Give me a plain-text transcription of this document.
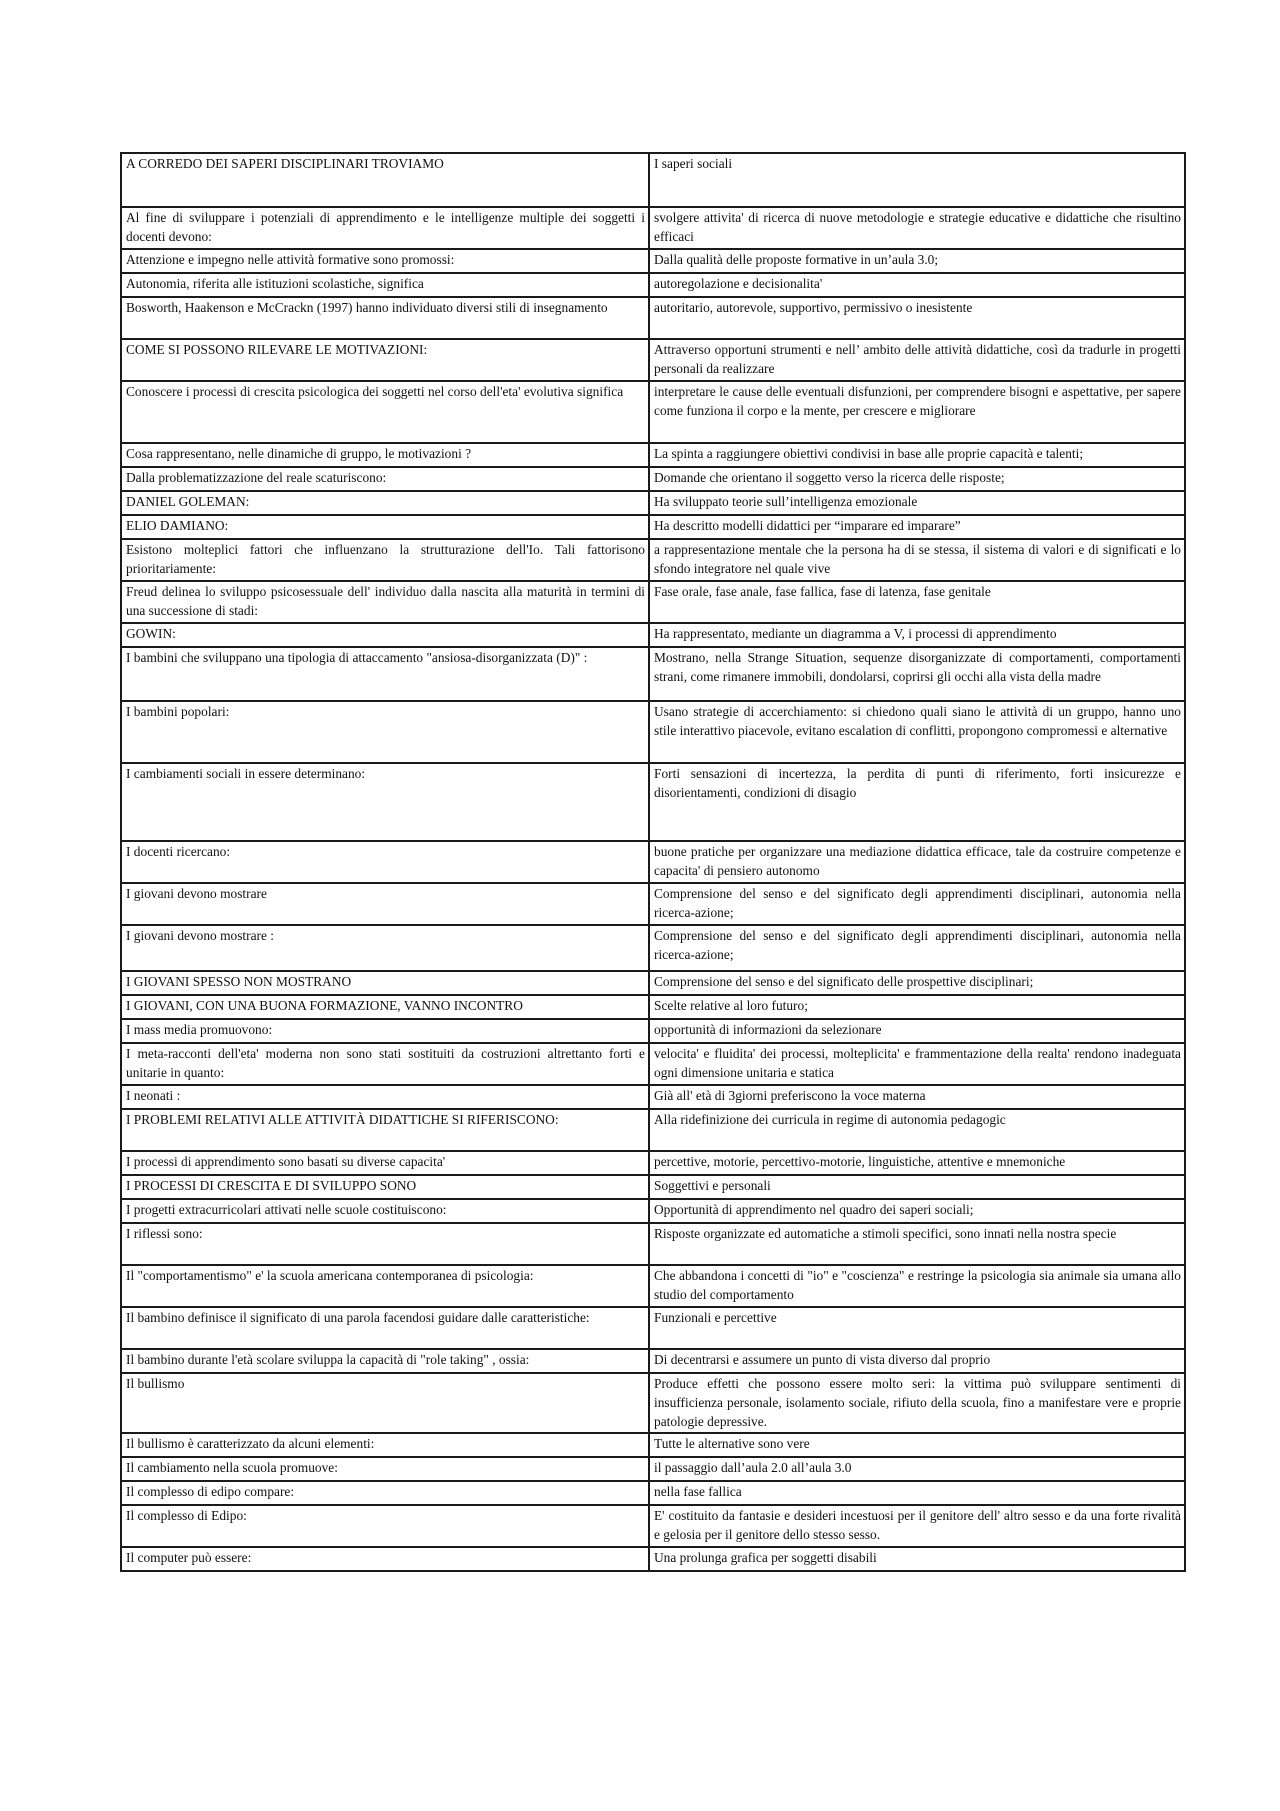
A CORREDO DEI SAPERI DISCIPLINARI TROVIAMO	I saperi sociali
Al fine di sviluppare i potenziali di apprendimento e le intelligenze multiple dei soggetti i docenti devono:	svolgere attivita' di ricerca di nuove metodologie e strategie educative e didattiche che risultino efficaci
Attenzione e impegno nelle attività formative sono promossi:	Dalla qualità delle proposte formative in un’aula 3.0;
Autonomia, riferita alle istituzioni scolastiche, significa	autoregolazione e decisionalita'
Bosworth, Haakenson e McCrackn (1997) hanno individuato diversi stili di insegnamento	autoritario, autorevole, supportivo, permissivo o inesistente
COME SI POSSONO RILEVARE LE MOTIVAZIONI:	Attraverso opportuni strumenti e nell’ ambito delle attività didattiche, così da tradurle in progetti personali da realizzare
Conoscere i processi di crescita psicologica dei soggetti nel corso dell'eta' evolutiva significa	interpretare le cause delle eventuali disfunzioni, per comprendere bisogni e aspettative, per sapere come funziona il corpo e la mente, per crescere e migliorare
Cosa rappresentano, nelle dinamiche di gruppo, le motivazioni ?	La spinta a raggiungere obiettivi condivisi in base alle proprie capacità e talenti;
Dalla problematizzazione del reale scaturiscono:	Domande che orientano il soggetto verso la ricerca delle risposte;
DANIEL GOLEMAN:	Ha sviluppato teorie sull’intelligenza emozionale
ELIO DAMIANO:	Ha descritto modelli didattici per “imparare ed imparare”
Esistono molteplici fattori che influenzano la strutturazione dell'Io. Tali fattorisono prioritariamente:	a rappresentazione mentale che la persona ha di se stessa, il sistema di valori e di significati e lo sfondo integratore nel quale vive
Freud delinea lo sviluppo psicosessuale dell' individuo dalla nascita alla maturità in termini di una successione di stadi:	Fase orale, fase anale, fase fallica, fase di latenza, fase genitale
GOWIN:	Ha rappresentato, mediante un diagramma a V, i processi di apprendimento
I bambini che sviluppano una tipologia di attaccamento "ansiosa-disorganizzata (D)" :	Mostrano, nella Strange Situation, sequenze disorganizzate di comportamenti, comportamenti strani, come rimanere immobili, dondolarsi, coprirsi gli occhi alla vista della madre
I bambini popolari:	Usano strategie di accerchiamento: si chiedono quali siano le attività di un gruppo, hanno uno stile interattivo piacevole, evitano escalation di conflitti, propongono compromessi e alternative
I cambiamenti sociali in essere determinano:	Forti sensazioni di incertezza, la perdita di punti di riferimento, forti insicurezze e disorientamenti, condizioni di disagio
I docenti ricercano:	buone pratiche per organizzare una mediazione didattica efficace, tale da costruire competenze e capacita' di pensiero autonomo
I giovani devono mostrare	Comprensione del senso e del significato degli apprendimenti disciplinari, autonomia nella ricerca-azione;
I giovani devono mostrare :	Comprensione del senso e del significato degli apprendimenti disciplinari, autonomia nella ricerca-azione;
I GIOVANI SPESSO NON MOSTRANO	Comprensione del senso e del significato delle prospettive disciplinari;
I GIOVANI, CON UNA BUONA FORMAZIONE, VANNO INCONTRO	Scelte relative al loro futuro;
I mass media promuovono:	opportunità di informazioni da selezionare
I meta-racconti dell'eta' moderna non sono stati sostituiti da costruzioni altrettanto forti e unitarie in quanto:	velocita' e fluidita' dei processi, molteplicita' e frammentazione della realta' rendono inadeguata ogni dimensione unitaria e statica
I neonati :	Già all' età di 3giorni preferiscono la voce materna
I PROBLEMI RELATIVI ALLE ATTIVITÀ DIDATTICHE SI RIFERISCONO:	Alla ridefinizione dei curricula in regime di autonomia pedagogic
I processi di apprendimento sono basati su diverse capacita'	percettive, motorie, percettivo-motorie, linguistiche, attentive e mnemoniche
I PROCESSI DI CRESCITA E DI SVILUPPO SONO	Soggettivi e personali
I progetti extracurricolari attivati nelle scuole costituiscono:	Opportunità di apprendimento nel quadro dei saperi sociali;
I riflessi sono:	Risposte organizzate ed automatiche a stimoli specifici, sono innati nella nostra specie
Il "comportamentismo" e' la scuola americana contemporanea di psicologia:	Che abbandona i concetti di "io" e "coscienza" e restringe la psicologia sia animale sia umana allo studio del comportamento
Il bambino definisce il significato di una parola facendosi guidare dalle caratteristiche:	Funzionali e percettive
Il bambino durante l'età scolare sviluppa la capacità di "role taking" , ossia:	Di decentrarsi e assumere un punto di vista diverso dal proprio
Il bullismo	Produce effetti che possono essere molto seri: la vittima può sviluppare sentimenti di insufficienza personale, isolamento sociale, rifiuto della scuola, fino a manifestare vere e proprie patologie depressive.
Il bullismo è caratterizzato da alcuni elementi:	Tutte le alternative sono vere
Il cambiamento nella scuola promuove:	il passaggio dall’aula 2.0 all’aula 3.0
Il complesso di edipo compare:	nella fase fallica
Il complesso di Edipo:	E' costituito da fantasie e desideri incestuosi per il genitore dell' altro sesso e da una forte rivalità e gelosia per il genitore dello stesso sesso.
Il computer può essere:	Una prolunga grafica per soggetti disabili
